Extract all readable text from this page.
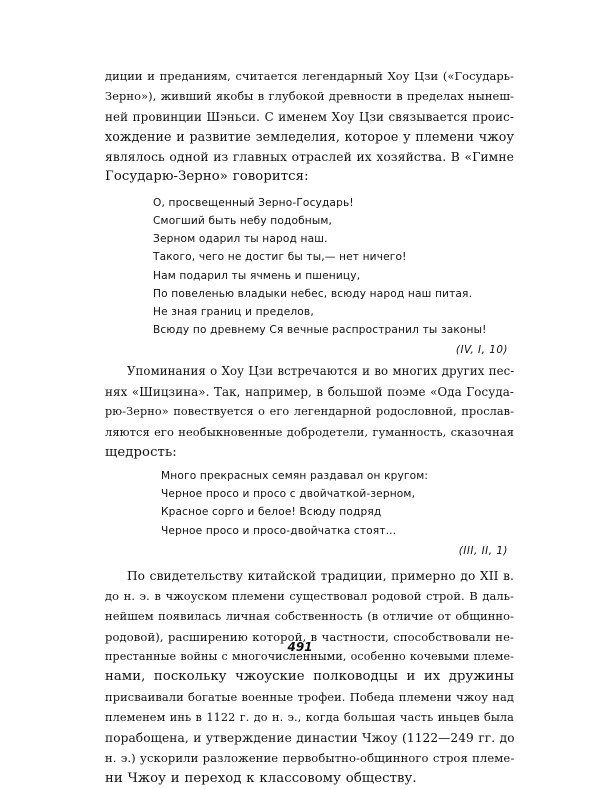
диции и преданиям, считается легендарный Хоу Цзи («Государь-
Зерно»), живший якобы в глубокой древности в пределах нынеш-
ней провинции Шэньси. С именем Хоу Цзи связывается проис-
хождение и развитие земледелия, которое у племени чжоу
являлось одной из главных отраслей их хозяйства. В «Гимне
Государю-Зерно» говорится:

О, просвещенный Зерно-Государь!
Смогший быть небу подобным,
Зерном одарил ты народ наш.
Такого, чего не достиг бы ты,— нет ничего!
Нам подарил ты ячмень и пшеницу,
По повеленью владыки небес, всюду народ наш питая.
Не зная границ и пределов,
Всюду по древнему Ся вечные распространил ты законы!
(IV, I, 10)

Упоминания о Хоу Цзи встречаются и во многих других пес-
нях «Шицзина». Так, например, в большой поэме «Ода Госуда-
рю-Зерно» повествуется о его легендарной родословной, прослав-
ляются его необыкновенные добродетели, гуманность, сказочная
щедрость:

Много прекрасных семян раздавал он кругом:
Черное просо и просо с двойчаткой-зерном,
Красное сорго и белое! Всюду подряд
Черное просо и просо-двойчатка стоят...
(III, II, 1)

По свидетельству китайской традиции, примерно до XII в.
до н. э. в чжоуском племени существовал родовой строй. В даль-
нейшем появилась личная собственность (в отличие от общинно-
родовой), расширению которой, в частности, способствовали не-
престанные войны с многочисленными, особенно кочевыми племе-
нами, поскольку чжоуские полководцы и их дружины
присваивали богатые военные трофеи. Победа племени чжоу над
племенем инь в 1122 г. до н. э., когда большая часть иньцев была
порабощена, и утверждение династии Чжоу (1122—249 гг. до
н. э.) ускорили разложение первобытно-общинного строя племе-
ни Чжоу и переход к классовому обществу.

491
